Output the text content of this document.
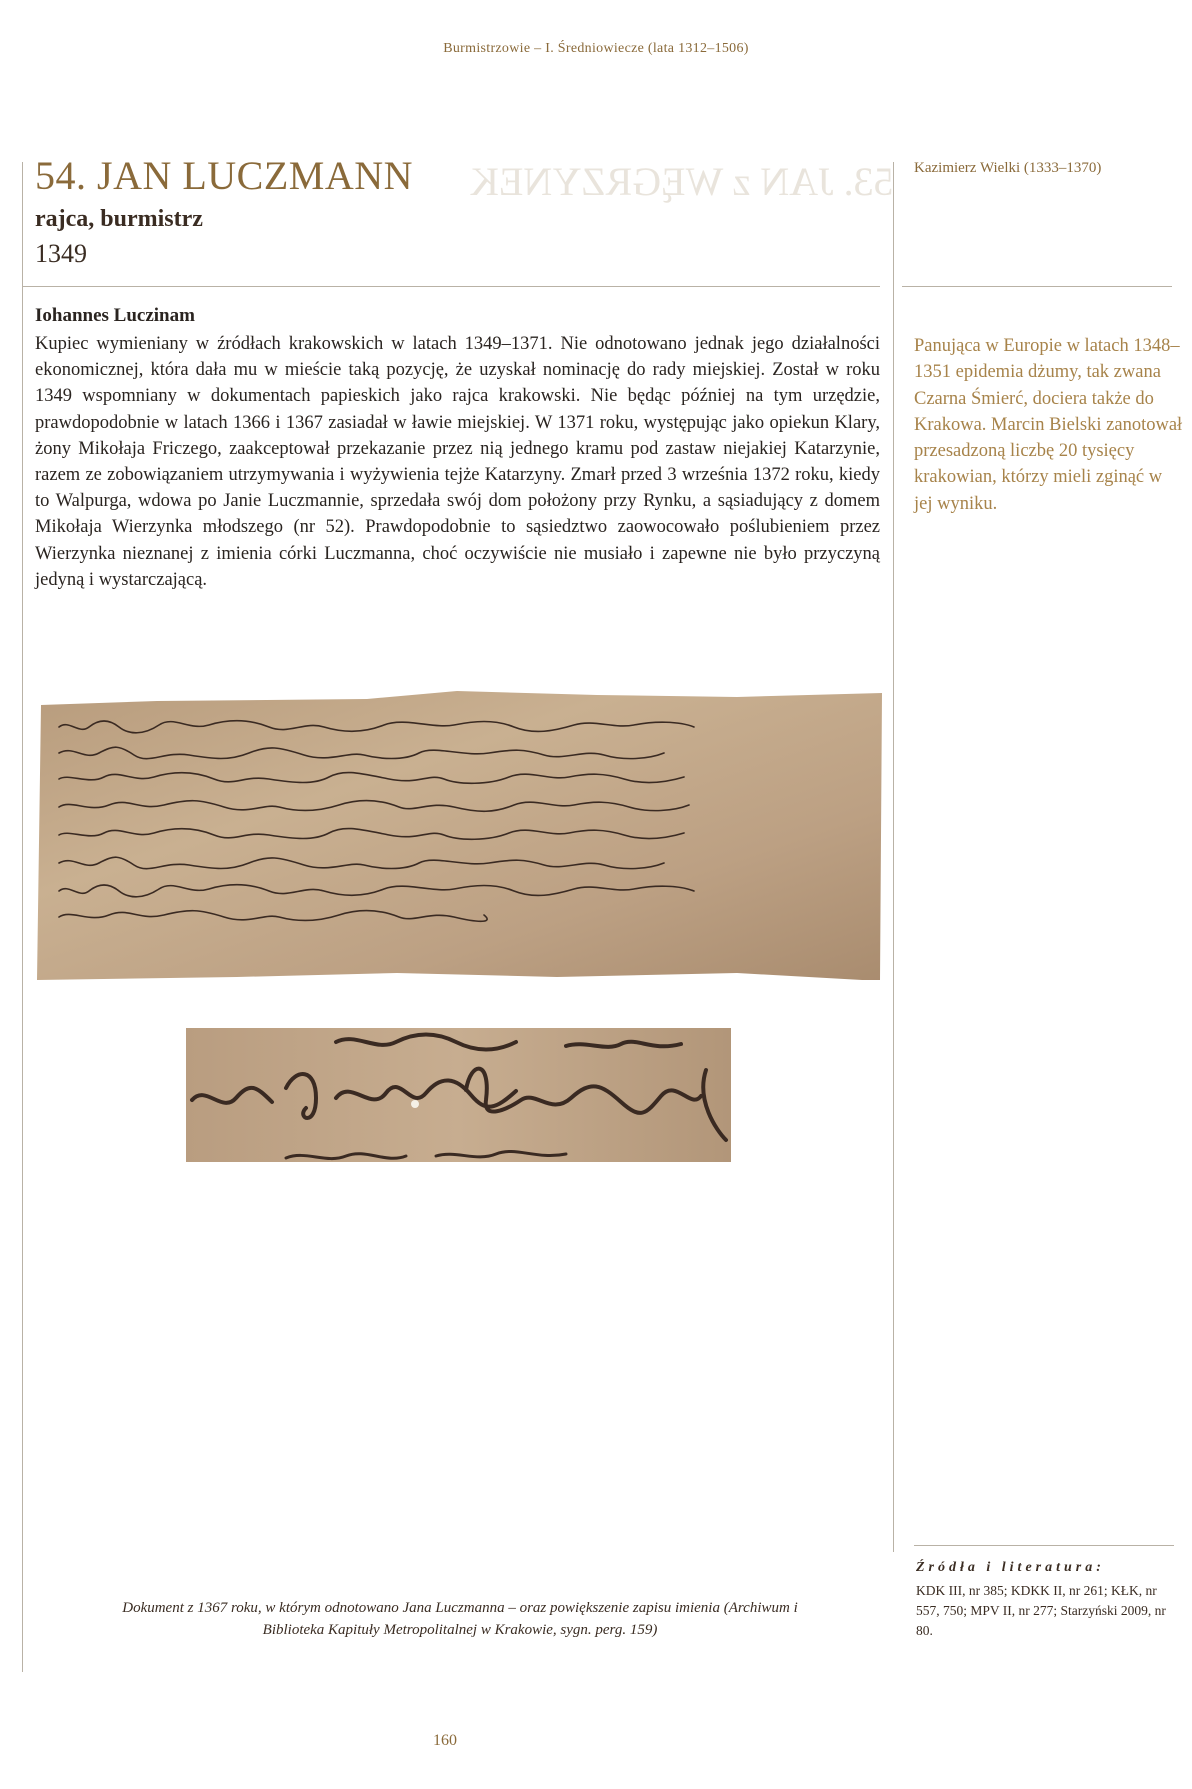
Burmistrzowie – I. Średniowiecze (lata 1312–1506)
53. JAN z WĘGRZYNEK
54. JAN LUCZMANN
rajca, burmistrz
1349
Iohannes Luczinam
Kupiec wymieniany w źródłach krakowskich w latach 1349–1371. Nie odnotowano jednak jego działalności ekonomicznej, która dała mu w mieście taką pozycję, że uzyskał nominację do rady miejskiej. Został w roku 1349 wspomniany w dokumentach papieskich jako rajca krakowski. Nie będąc później na tym urzędzie, prawdopodobnie w latach 1366 i 1367 zasiadał w ławie miejskiej. W 1371 roku, występując jako opiekun Klary, żony Mikołaja Friczego, zaakceptował przekazanie przez nią jednego kramu pod zastaw niejakiej Katarzynie, razem ze zobowiązaniem utrzymywania i wyżywienia tejże Katarzyny. Zmarł przed 3 września 1372 roku, kiedy to Walpurga, wdowa po Janie Luczmannie, sprzedała swój dom położony przy Rynku, a sąsiadujący z domem Mikołaja Wierzynka młodszego (nr 52). Prawdopodobnie to sąsiedztwo zaowocowało poślubieniem przez Wierzynka nieznanej z imienia córki Luczmanna, choć oczywiście nie musiało i zapewne nie było przyczyną jedyną i wystarczającą.
Kazimierz Wielki (1333–1370)
Panująca w Europie w latach 1348–1351 epidemia dżumy, tak zwana Czarna Śmierć, dociera także do Krakowa. Marcin Bielski zanotował przesadzoną liczbę 20 tysięcy krakowian, którzy mieli zginąć w jej wyniku.
Dokument z 1367 roku, w którym odnotowano Jana Luczmanna – oraz powiększenie zapisu imienia (Archiwum i Biblioteka Kapituły Metropolitalnej w Krakowie, sygn. perg. 159)
Źródła i literatura:
KDK III, nr 385; KDKK II, nr 261; KŁK, nr 557, 750; MPV II, nr 277; Starzyński 2009, nr 80.
160
